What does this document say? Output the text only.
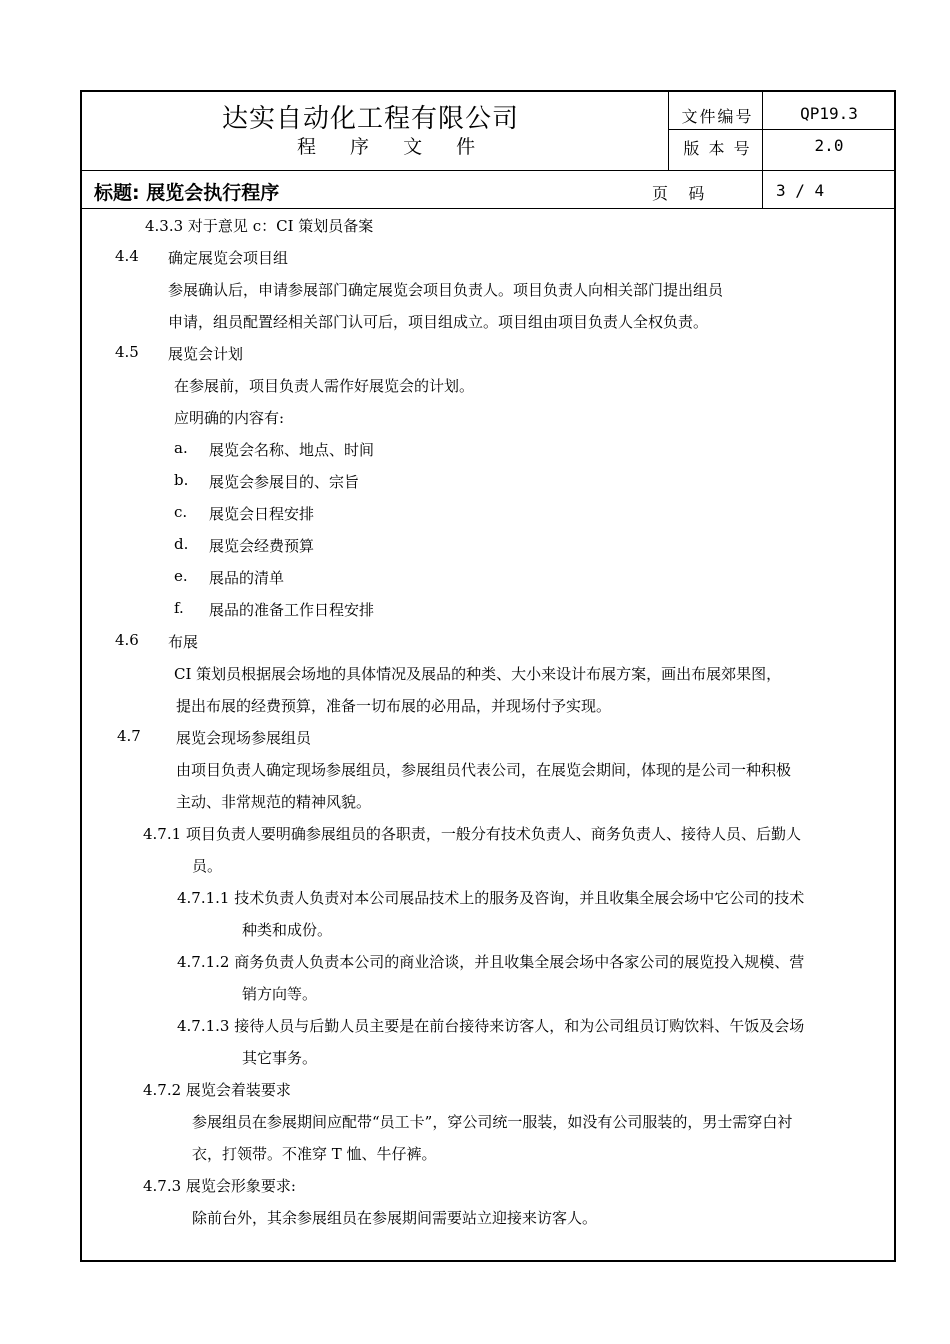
达实自动化工程有限公司
程 序 文 件
文件编号	QP19.3
版 本 号	2.0
标题: 展览会执行程序	页    码	3 / 4
4.3.3 对于意见 c：CI 策划员备案
4.4 确定展览会项目组
参展确认后，申请参展部门确定展览会项目负责人。项目负责人向相关部门提出组员
申请，组员配置经相关部门认可后，项目组成立。项目组由项目负责人全权负责。
4.5 展览会计划
在参展前，项目负责人需作好展览会的计划。
应明确的内容有:
a. 展览会名称、地点、时间
b. 展览会参展目的、宗旨
c. 展览会日程安排
d. 展览会经费预算
e. 展品的清单
f. 展品的准备工作日程安排
4.6 布展
CI 策划员根据展会场地的具体情况及展品的种类、大小来设计布展方案，画出布展郊果图，
提出布展的经费预算，准备一切布展的必用品，并现场付予实现。
4.7 展览会现场参展组员
由项目负责人确定现场参展组员，参展组员代表公司，在展览会期间，体现的是公司一种积极
主动、非常规范的精神风貌。
4.7.1 项目负责人要明确参展组员的各职责，一般分有技术负责人、商务负责人、接待人员、后勤人
员。
4.7.1.1 技术负责人负责对本公司展品技术上的服务及咨询，并且收集全展会场中它公司的技术
种类和成份。
4.7.1.2 商务负责人负责本公司的商业洽谈，并且收集全展会场中各家公司的展览投入规模、营
销方向等。
4.7.1.3 接待人员与后勤人员主要是在前台接待来访客人，和为公司组员订购饮料、午饭及会场
其它事务。
4.7.2 展览会着装要求
参展组员在参展期间应配带“员工卡”，穿公司统一服装，如没有公司服装的，男士需穿白衬
衣，打领带。不准穿 T 恤、牛仔裤。
4.7.3 展览会形象要求:
除前台外，其余参展组员在参展期间需要站立迎接来访客人。
